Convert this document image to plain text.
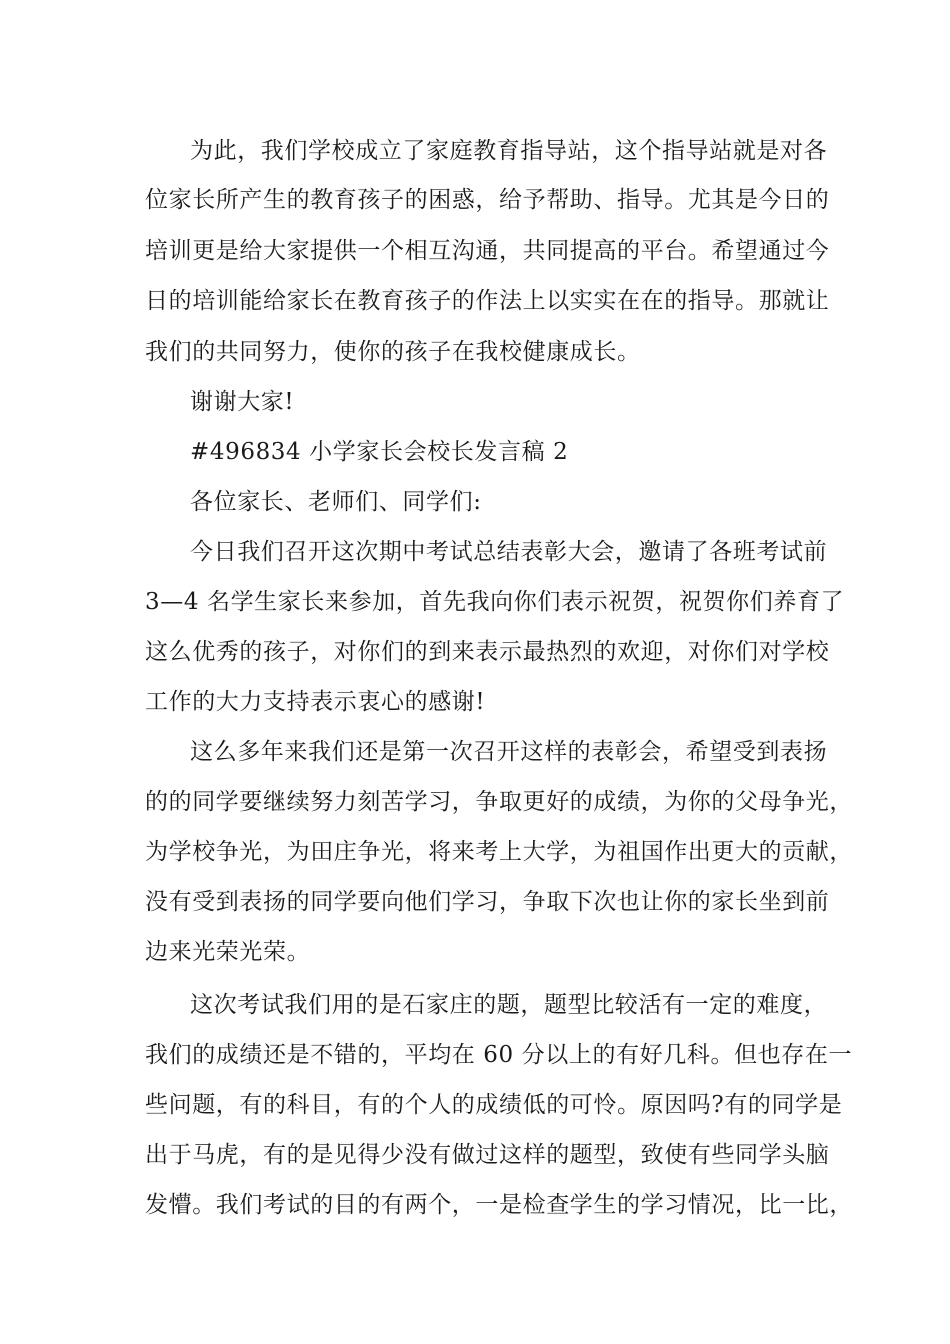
为此，我们学校成立了家庭教育指导站，这个指导站就是对各
位家长所产生的教育孩子的困惑，给予帮助、指导。尤其是今日的
培训更是给大家提供一个相互沟通，共同提高的平台。希望通过今
日的培训能给家长在教育孩子的作法上以实实在在的指导。那就让
我们的共同努力，使你的孩子在我校健康成长。
谢谢大家!
#496834 小学家长会校长发言稿 2
各位家长、老师们、同学们:
今日我们召开这次期中考试总结表彰大会，邀请了各班考试前
3—4 名学生家长来参加，首先我向你们表示祝贺，祝贺你们养育了
这么优秀的孩子，对你们的到来表示最热烈的欢迎，对你们对学校
工作的大力支持表示衷心的感谢!
这么多年来我们还是第一次召开这样的表彰会，希望受到表扬
的的同学要继续努力刻苦学习，争取更好的成绩，为你的父母争光，
为学校争光，为田庄争光，将来考上大学，为祖国作出更大的贡献，
没有受到表扬的同学要向他们学习，争取下次也让你的家长坐到前
边来光荣光荣。
这次考试我们用的是石家庄的题，题型比较活有一定的难度，
我们的成绩还是不错的，平均在 60 分以上的有好几科。但也存在一
些问题，有的科目，有的个人的成绩低的可怜。原因吗?有的同学是
出于马虎，有的是见得少没有做过这样的题型，致使有些同学头脑
发懵。我们考试的目的有两个，一是检查学生的学习情况，比一比，
